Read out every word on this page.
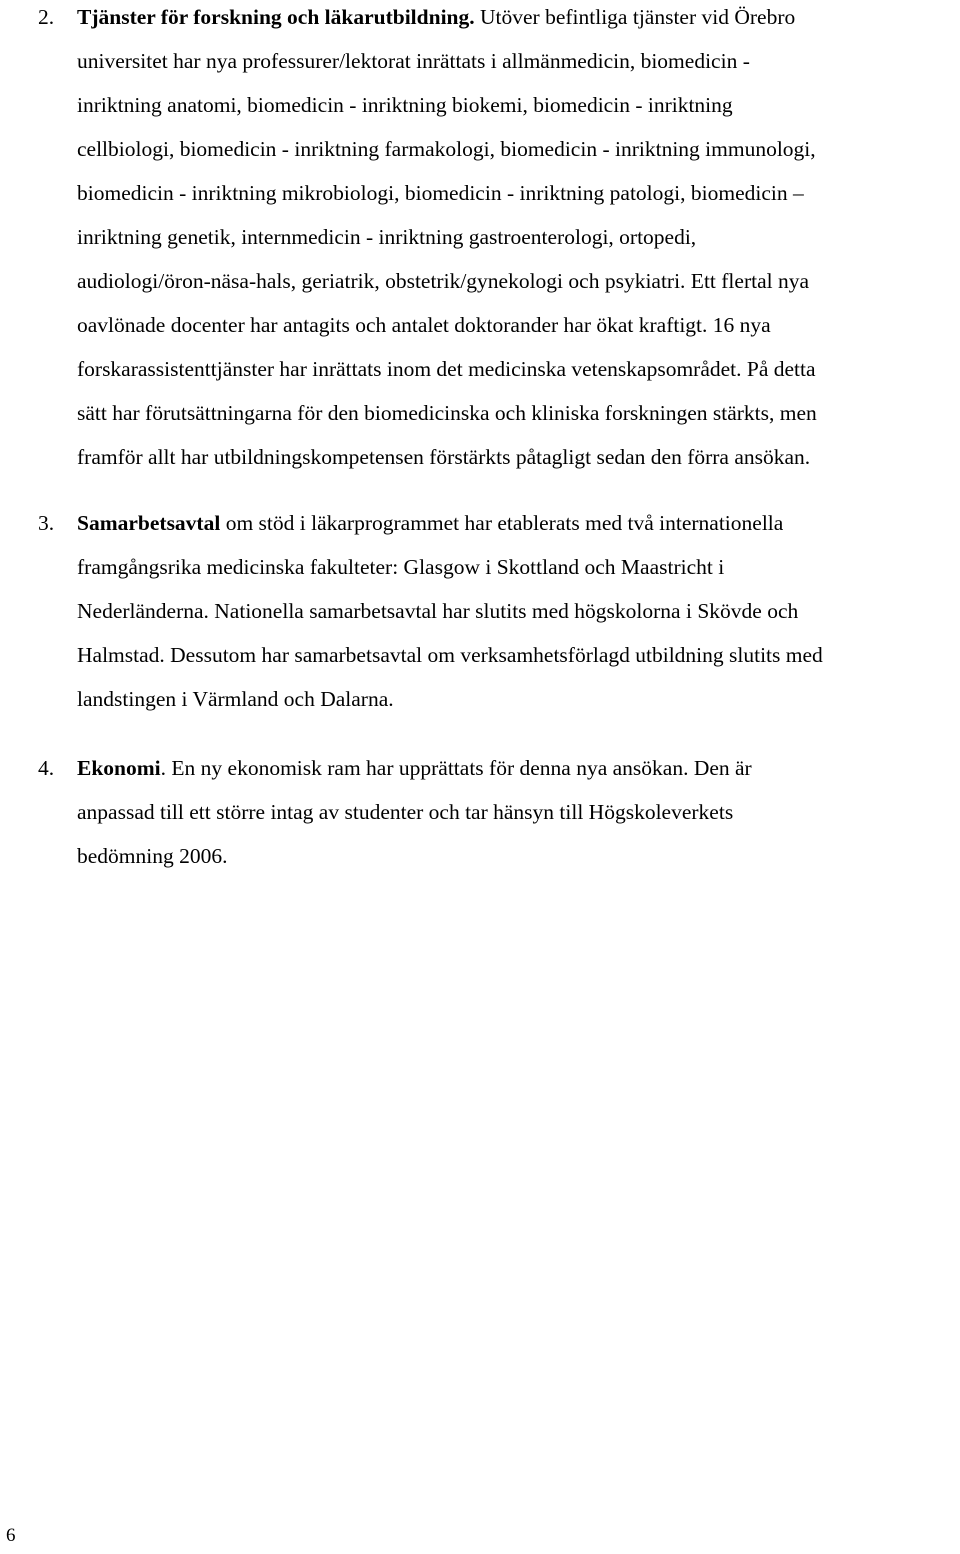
2. Tjänster för forskning och läkarutbildning. Utöver befintliga tjänster vid Örebro
universitet har nya professurer/lektorat inrättats i allmänmedicin, biomedicin -
inriktning anatomi, biomedicin - inriktning biokemi, biomedicin - inriktning
cellbiologi, biomedicin - inriktning farmakologi, biomedicin - inriktning immunologi,
biomedicin - inriktning mikrobiologi, biomedicin - inriktning patologi, biomedicin –
inriktning genetik, internmedicin - inriktning gastroenterologi, ortopedi,
audiologi/öron-näsa-hals, geriatrik, obstetrik/gynekologi och psykiatri. Ett flertal nya
oavlönade docenter har antagits och antalet doktorander har ökat kraftigt. 16 nya
forskarassistenttjänster har inrättats inom det medicinska vetenskapsområdet. På detta
sätt har förutsättningarna för den biomedicinska och kliniska forskningen stärkts, men
framför allt har utbildningskompetensen förstärkts påtagligt sedan den förra ansökan.
3. Samarbetsavtal om stöd i läkarprogrammet har etablerats med två internationella
framgångsrika medicinska fakulteter: Glasgow i Skottland och Maastricht i
Nederländerna. Nationella samarbetsavtal har slutits med högskolorna i Skövde och
Halmstad. Dessutom har samarbetsavtal om verksamhetsförlagd utbildning slutits med
landstingen i Värmland och Dalarna.
4. Ekonomi. En ny ekonomisk ram har upprättats för denna nya ansökan. Den är
anpassad till ett större intag av studenter och tar hänsyn till Högskoleverkets
bedömning 2006.
6
